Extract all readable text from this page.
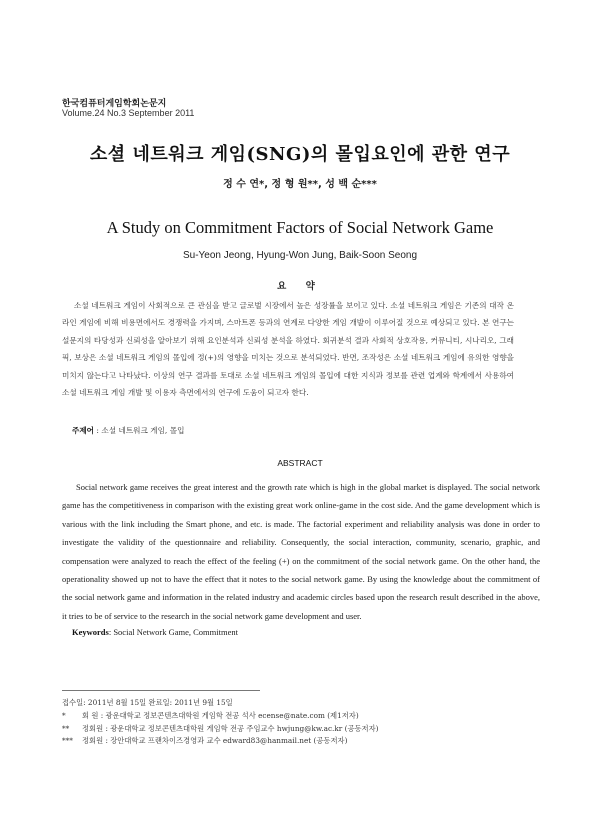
한국컴퓨터게임학회논문지
Volume.24 No.3 September 2011
소셜 네트워크 게임(SNG)의 몰입요인에 관한 연구
정 수 연*, 정 형 원**, 성 백 순***
A Study on Commitment Factors of Social Network Game
Su-Yeon Jeong, Hyung-Won Jung, Baik-Soon Seong
요 약
소셜 네트워크 게임이 사회적으로 큰 관심을 받고 글로벌 시장에서 높은 성장률을 보이고 있다. 소셜 네트워크 게임은 기존의 대작 온라인 게임에 비해 비용면에서도 경쟁력을 가지며, 스마트폰 등과의 연계로 다양한 게임 개발이 이루어질 것으로 예상되고 있다. 본 연구는 설문지의 타당성과 신뢰성을 알아보기 위해 요인분석과 신뢰성 분석을 하였다. 회귀분석 결과 사회적 상호작용, 커뮤니티, 시나리오, 그래픽, 보상은 소셜 네트워크 게임의 몰입에 정(+)의 영향을 미치는 것으로 분석되었다. 반면, 조작성은 소셜 네트워크 게임에 유의한 영향을 미치지 않는다고 나타났다. 이상의 연구 결과를 토대로 소셜 네트워크 게임의 몰입에 대한 지식과 정보를 관련 업계와 학계에서 사용하여 소셜 네트워크 게임 개발 및 이용자 측면에서의 연구에 도움이 되고자 한다.
주제어 : 소셜 네트워크 게임, 몰입
ABSTRACT
Social network game receives the great interest and the growth rate which is high in the global market is displayed. The social network game has the competitiveness in comparison with the existing great work online-game in the cost side. And the game development which is various with the link including the Smart phone, and etc. is made. The factorial experiment and reliability analysis was done in order to investigate the validity of the questionnaire and reliability. Consequently, the social interaction, community, scenario, graphic, and compensation were analyzed to reach the effect of the feeling (+) on the commitment of the social network game. On the other hand, the operationality showed up not to have the effect that it notes to the social network game. By using the knowledge about the commitment of the social network game and information in the related industry and academic circles based upon the research result described in the above, it tries to be of service to the research in the social network game development and user.
Keywords: Social Network Game, Commitment
접수일: 2011년 8월 15일 완료일: 2011년 9월 15일
* 회 원 : 광운대학교 정보콘텐츠대학원 게임학 전공 석사 ecense@nate.com (제1저자)
** 정회원 : 광운대학교 정보콘텐츠대학원 게임학 전공 주임교수 hwjung@kw.ac.kr (공동저자)
*** 정회원 : 장안대학교 프랜차이즈경영과 교수 edward83@hanmail.net (공동저자)
